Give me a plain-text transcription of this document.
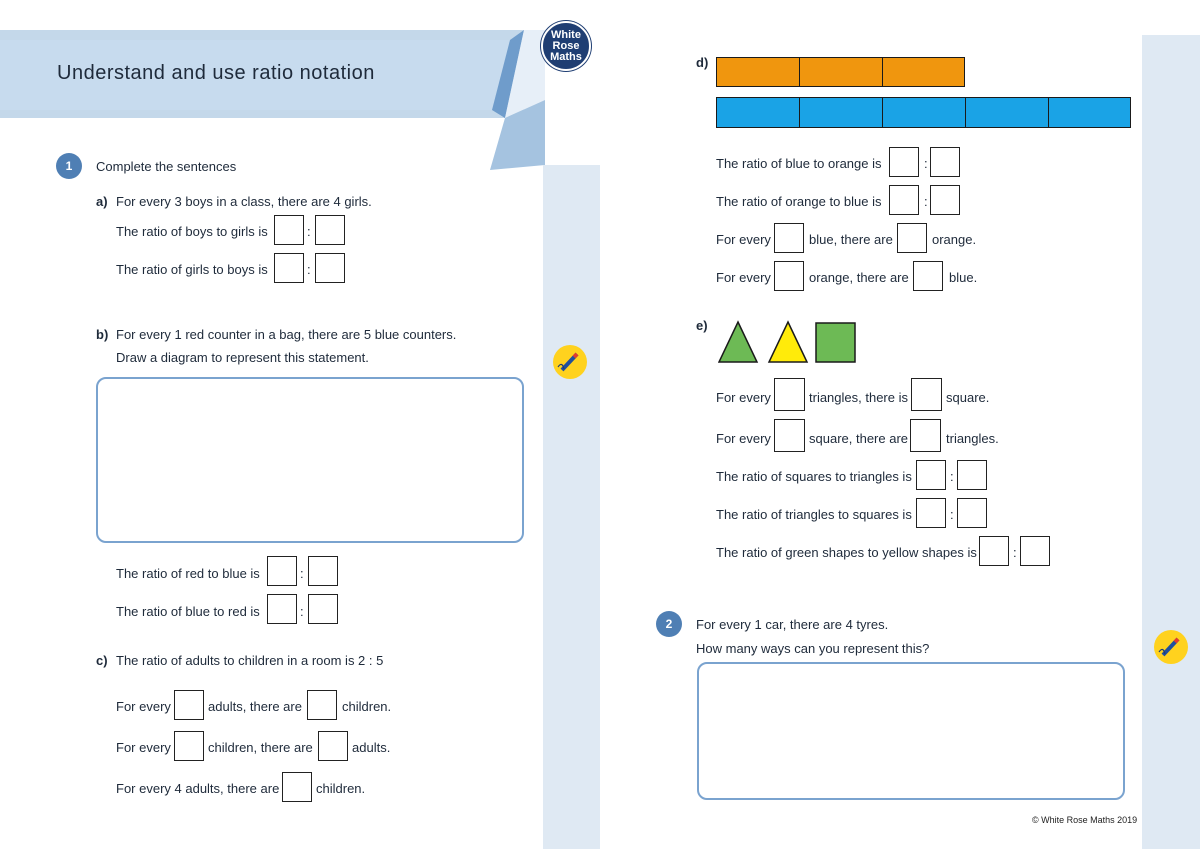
White
Rose
Maths
Understand and use ratio notation
1	Complete the sentences
a) For every 3 boys in a class, there are 4 girls.
The ratio of boys to girls is	:
The ratio of girls to boys is	:
b) For every 1 red counter in a bag, there are 5 blue counters.
Draw a diagram to represent this statement.
The ratio of red to blue is	:
The ratio of blue to red is	:
c) The ratio of adults to children in a room is 2 : 5
For every	adults, there are	children.
For every	children, there are	adults.
For every 4 adults, there are	children.
d)
The ratio of blue to orange is	:
The ratio of orange to blue is	:
For every	blue, there are	orange.
For every	orange, there are	blue.
e)
For every	triangles, there is	square.
For every	square, there are	triangles.
The ratio of squares to triangles is	:
The ratio of triangles to squares is	:
The ratio of green shapes to yellow shapes is	:
2	For every 1 car, there are 4 tyres.
How many ways can you represent this?
© White Rose Maths 2019
